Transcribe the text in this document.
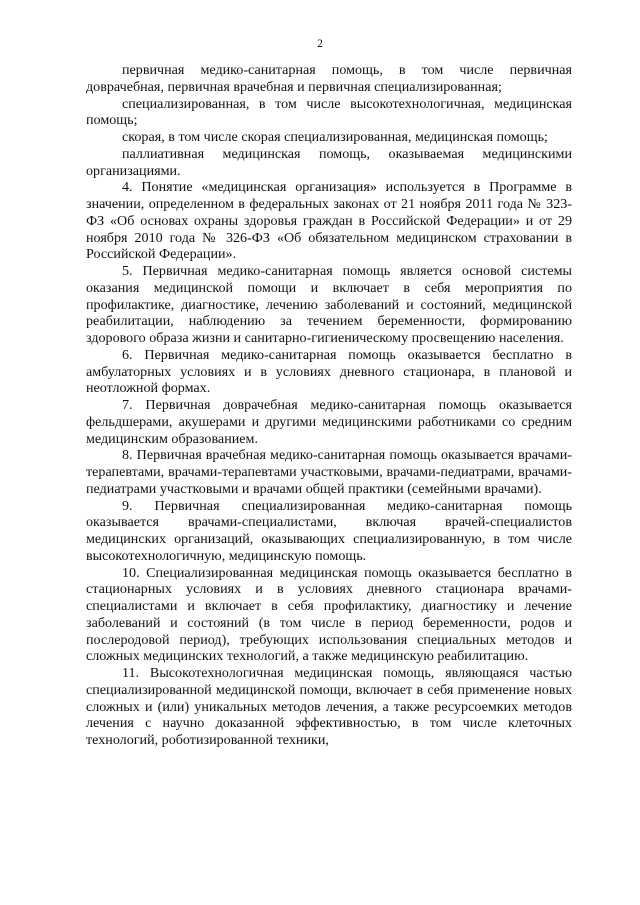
2

первичная медико-санитарная помощь, в том числе первичная доврачебная, первичная врачебная и первичная специализированная;

специализированная, в том числе высокотехнологичная, медицинская помощь;

скорая, в том числе скорая специализированная, медицинская помощь;

паллиативная медицинская помощь, оказываемая медицинскими организациями.

4. Понятие «медицинская организация» используется в Программе в значении, определенном в федеральных законах от 21 ноября 2011 года № 323-ФЗ «Об основах охраны здоровья граждан в Российской Федерации» и от 29 ноября 2010 года № 326-ФЗ «Об обязательном медицинском страховании в Российской Федерации».

5. Первичная медико-санитарная помощь является основой системы оказания медицинской помощи и включает в себя мероприятия по профилактике, диагностике, лечению заболеваний и состояний, медицинской реабилитации, наблюдению за течением беременности, формированию здорового образа жизни и санитарно-гигиеническому просвещению населения.

6. Первичная медико-санитарная помощь оказывается бесплатно в амбулаторных условиях и в условиях дневного стационара, в плановой и неотложной формах.

7. Первичная доврачебная медико-санитарная помощь оказывается фельдшерами, акушерами и другими медицинскими работниками со средним медицинским образованием.

8. Первичная врачебная медико-санитарная помощь оказывается врачами-терапевтами, врачами-терапевтами участковыми, врачами-педиатрами, врачами-педиатрами участковыми и врачами общей практики (семейными врачами).

9. Первичная специализированная медико-санитарная помощь оказывается врачами-специалистами, включая врачей-специалистов медицинских организаций, оказывающих специализированную, в том числе высокотехнологичную, медицинскую помощь.

10. Специализированная медицинская помощь оказывается бесплатно в стационарных условиях и в условиях дневного стационара врачами-специалистами и включает в себя профилактику, диагностику и лечение заболеваний и состояний (в том числе в период беременности, родов и послеродовой период), требующих использования специальных методов и сложных медицинских технологий, а также медицинскую реабилитацию.

11. Высокотехнологичная медицинская помощь, являющаяся частью специализированной медицинской помощи, включает в себя применение новых сложных и (или) уникальных методов лечения, а также ресурсоемких методов лечения с научно доказанной эффективностью, в том числе клеточных технологий, роботизированной техники,
